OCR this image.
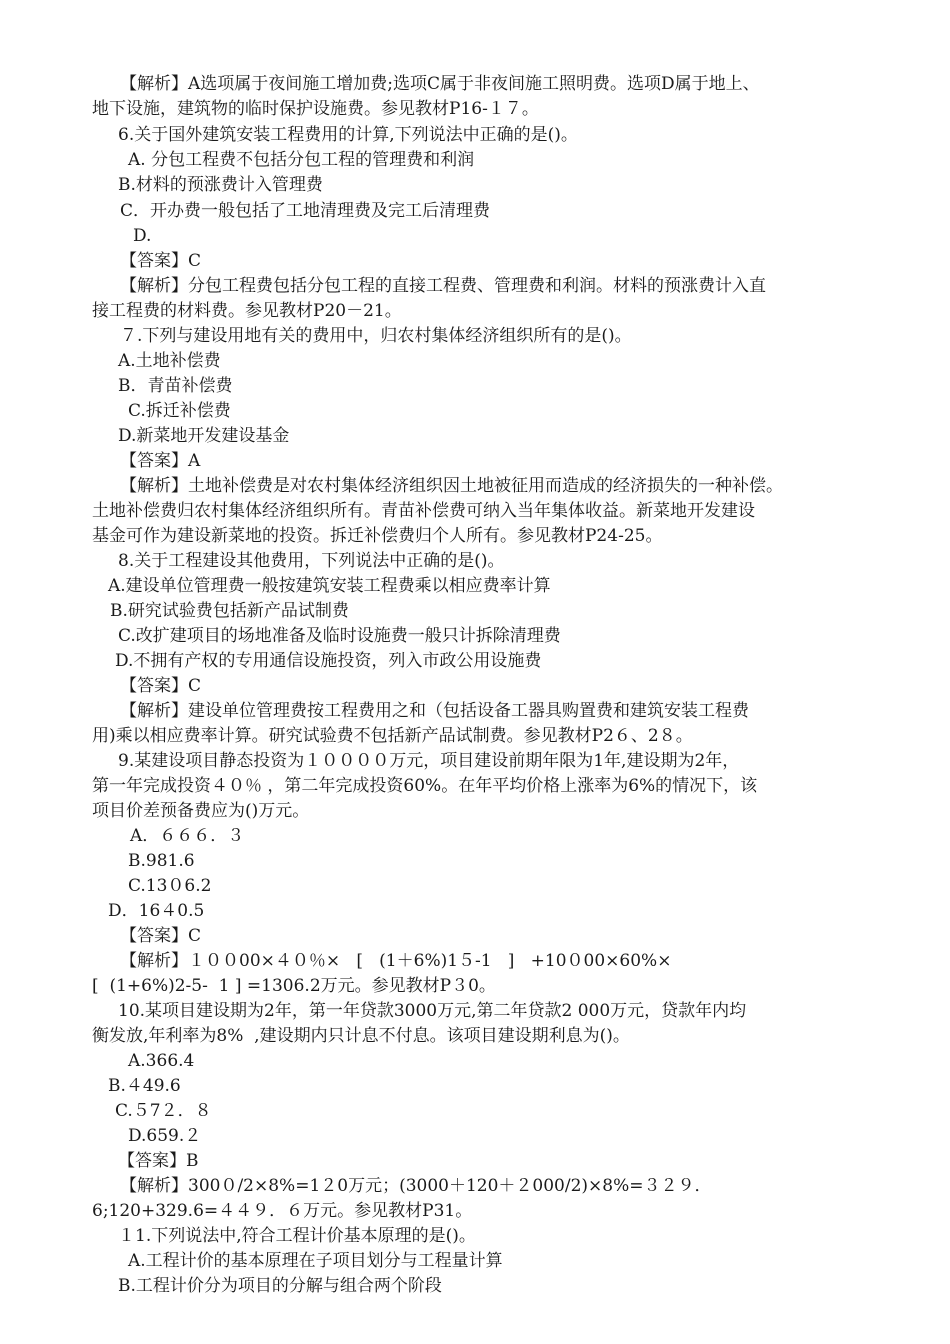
【解析】A选项属于夜间施工增加费;选项C属于非夜间施工照明费。选项D属于地上、
地下设施，建筑物的临时保护设施费。参见教材P16-１７。
6.关于国外建筑安装工程费用的计算,下列说法中正确的是()。
A. 分包工程费不包括分包工程的管理费和利润
B.材料的预涨费计入管理费
C．开办费一般包括了工地清理费及完工后清理费
D.
【答案】C
【解析】分包工程费包括分包工程的直接工程费、管理费和利润。材料的预涨费计入直
接工程费的材料费。参见教材P20－21。
７.下列与建设用地有关的费用中，归农村集体经济组织所有的是()。
A.土地补偿费
B．青苗补偿费
C.拆迁补偿费
D.新菜地开发建设基金
【答案】A
【解析】土地补偿费是对农村集体经济组织因土地被征用而造成的经济损失的一种补偿。
土地补偿费归农村集体经济组织所有。青苗补偿费可纳入当年集体收益。新菜地开发建设
基金可作为建设新菜地的投资。拆迁补偿费归个人所有。参见教材P24-25。
8.关于工程建设其他费用，下列说法中正确的是()。
A.建设单位管理费一般按建筑安装工程费乘以相应费率计算
B.研究试验费包括新产品试制费
C.改扩建项目的场地准备及临时设施费一般只计拆除清理费
D.不拥有产权的专用通信设施投资，列入市政公用设施费
【答案】C
【解析】建设单位管理费按工程费用之和（包括设备工器具购置费和建筑安装工程费
用)乘以相应费率计算。研究试验费不包括新产品试制费。参见教材P2６、2８。
9.某建设项目静态投资为１００００万元，项目建设前期年限为1年,建设期为2年，
第一年完成投资４０％ ，第二年完成投资60%。在年平均价格上涨率为6%的情况下，该
项目价差预备费应为()万元。
A．６６６．３
B.981.6
C.13０6.2
D．16４0.5
【答案】C
【解析】１００00×４０％×   [   (1＋6%)1５-1   ]   +10０00×60%×
[  (1+6%)2-5-  1 ] =1306.2万元。参见教材P３0。
10.某项目建设期为2年，第一年贷款3000万元,第二年贷款2 000万元，贷款年内均
衡发放,年利率为8%  ,建设期内只计息不付息。该项目建设期利息为()。
A.366.4
B.４49.6
C.５7２．８
D.659.２
【答案】B
【解析】300０/2×8%=1２0万元；(3000＋120＋２000/2)×8%=３２９．
6;120+329.6=４４９．６万元。参见教材P31。
１1.下列说法中,符合工程计价基本原理的是()。
A.工程计价的基本原理在子项目划分与工程量计算
B.工程计价分为项目的分解与组合两个阶段
